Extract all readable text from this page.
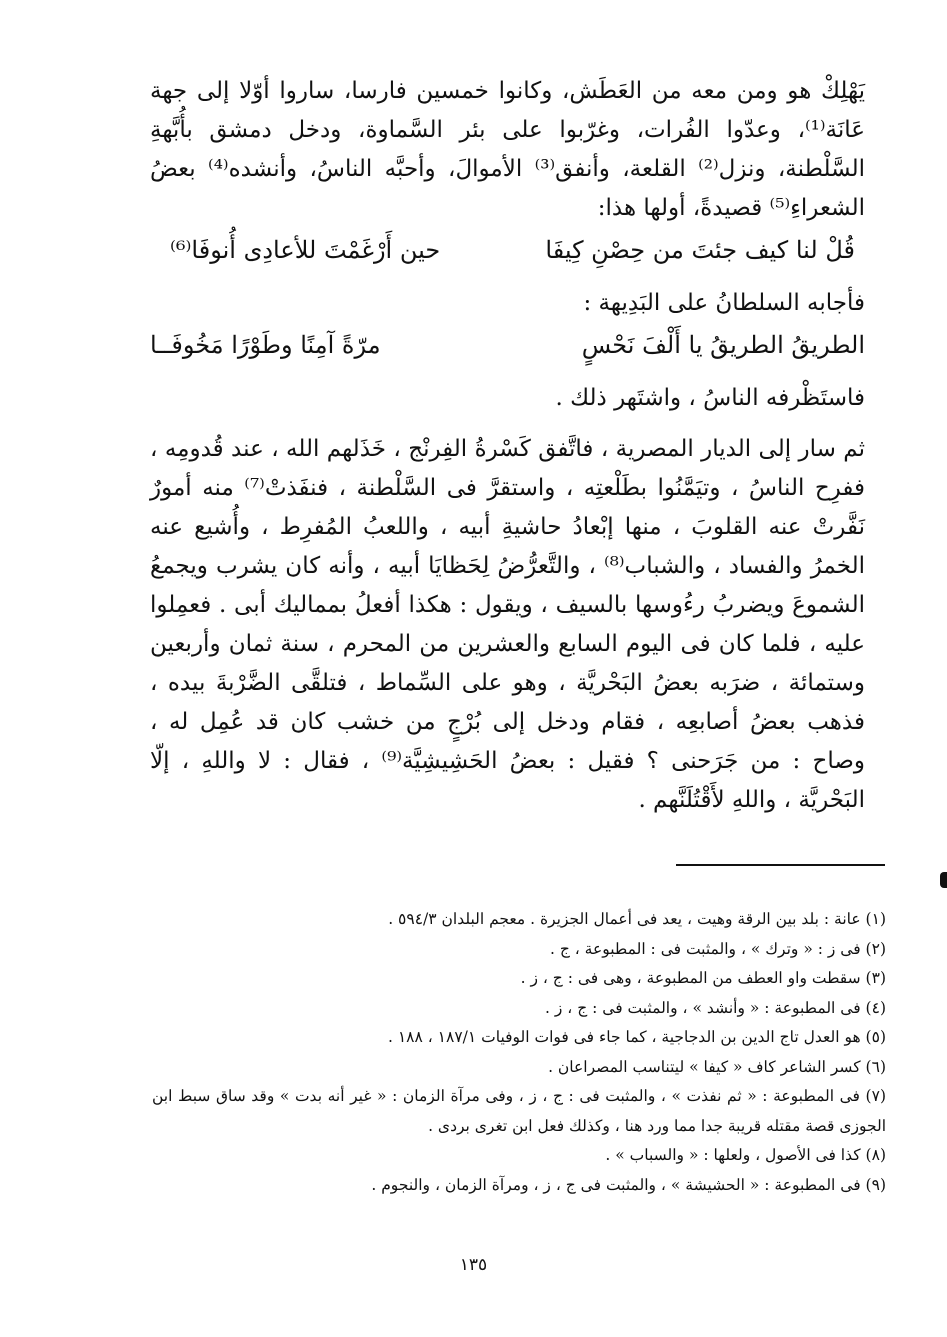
يَهْلِكْ هو ومن معه من العَطَش، وكانوا خمسين فارسا، ساروا أوّلا إلى جهة عَانَة⁽¹⁾، وعدّوا الفُرات، وغرّبوا على بئر السَّماوة، ودخل دمشق بأُبَّهةِ السَّلْطنة، ونزل⁽²⁾ القلعة، وأنفق⁽³⁾ الأموالَ، وأحبَّه الناسُ، وأنشده⁽⁴⁾ بعضُ الشعراءِ⁽⁵⁾ قصيدةً، أولها هذا:

قُلْ لنا كيف جئتَ من حِصْنِ كِيفَا
حين أَرْغَمْتَ للأعادِى أُنوفَا⁽⁶⁾

فأجابه السلطانُ على البَدِيهة :

الطريقُ الطريقُ يا أَلْفَ نَحْسٍ
مرّةً آمِنًا وطَوْرًا مَخُوفَــا

فاستَظْرفه الناسُ ، واشتَهر ذلك .

ثم سار إلى الديار المصرية ، فاتَّفق كَسْرةُ الفِرنْج ، خَذَلهم الله ، عند قُدومِه ، ففرِح الناسُ ، وتيَمَّنُوا بطَلْعتِه ، واستقرَّ فى السَّلْطنة ، فنفَذتْ⁽⁷⁾ منه أمورٌ نَفَّرتْ عنه القلوبَ ، منها إبْعادُ حاشيةِ أبيه ، واللعبُ المُفرِط ، وأُشيع عنه الخمرُ والفساد ، والشباب⁽⁸⁾ ، والتَّعرُّضُ لِحَظايَا أبيه ، وأنه كان يشرب ويجمعُ الشموعَ ويضربُ رءُوسها بالسيف ، ويقول : هكذا أفعلُ بمماليك أبى . فعمِلوا عليه ، فلما كان فى اليوم السابع والعشرين من المحرم ، سنة ثمان وأربعين وستمائة ، ضرَبه بعضُ البَحْريَّة ، وهو على السِّماط ، فتلقَّى الضَّرْبةَ بيده ، فذهب بعضُ أصابعِه ، فقام ودخل إلى بُرْجٍ من خشب كان قد عُمِل له ، وصاح : من جَرَحنى ؟ فقيل : بعضُ الحَشِيشِيَّة⁽⁹⁾ ، فقال : لا واللهِ ، إلّا البَحْريَّة ، واللهِ لأَقْتُلَنَّهم .

(١) عانة : بلد بين الرقة وهيت ، يعد فى أعمال الجزيرة . معجم البلدان ٥٩٤/٣ .

(٢) فى ز : « وترك » ، والمثبت فى : المطبوعة ، ج .

(٣) سقطت واو العطف من المطبوعة ، وهى فى : ج ، ز .

(٤) فى المطبوعة : « وأنشد » ، والمثبت فى : ج ، ز .

(٥) هو العدل تاج الدين بن الدجاجية ، كما جاء فى فوات الوفيات ١٨٧/١ ، ١٨٨ .

(٦) كسر الشاعر كاف « كيفا » ليتناسب المصراعان .

(٧) فى المطبوعة : « ثم نفذت » ، والمثبت فى : ج ، ز ، وفى مرآة الزمان : « غير أنه بدت » وقد ساق سبط ابن الجوزى قصة مقتله قريبة جدا مما ورد هنا ، وكذلك فعل ابن تغرى بردى .

(٨) كذا فى الأصول ، ولعلها : « والسباب » .

(٩) فى المطبوعة : « الحشيشة » ، والمثبت فى ج ، ز ، ومرآة الزمان ، والنجوم .

١٣٥
